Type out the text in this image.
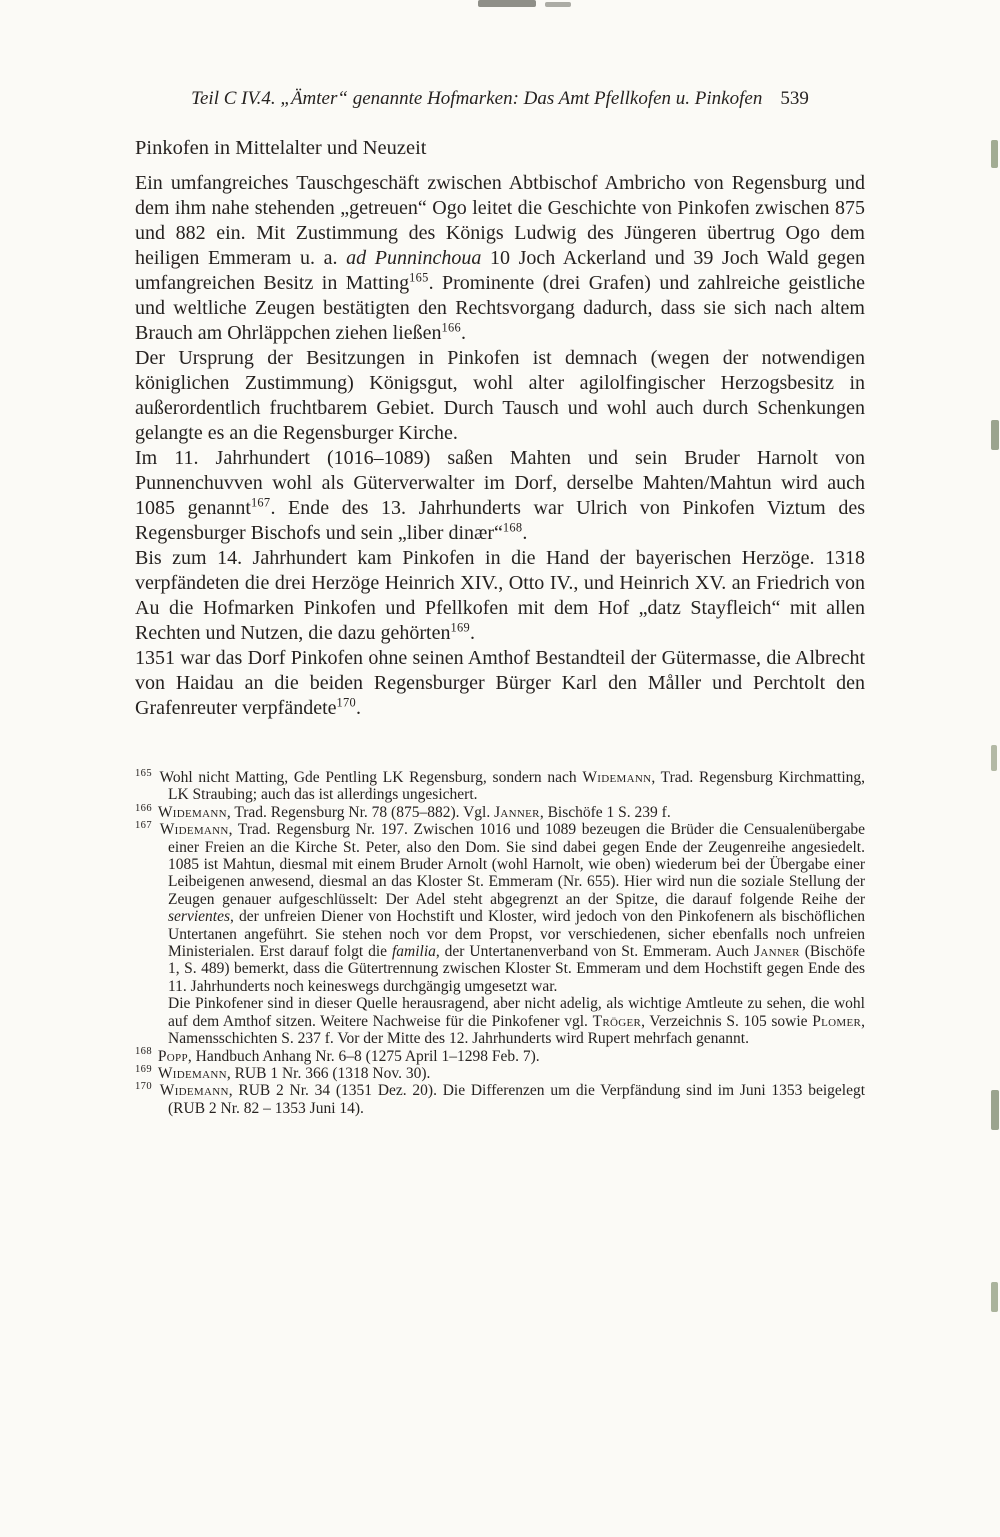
Teil C IV.4. „Ämter“ genannte Hofmarken: Das Amt Pfellkofen u. Pinkofen 539
Pinkofen in Mittelalter und Neuzeit

Ein umfangreiches Tauschgeschäft zwischen Abtbischof Ambricho von Regensburg und dem ihm nahe stehenden „getreuen“ Ogo leitet die Geschichte von Pinkofen zwischen 875 und 882 ein. Mit Zustimmung des Königs Ludwig des Jüngeren übertrug Ogo dem heiligen Emmeram u. a. ad Punninchoua 10 Joch Ackerland und 39 Joch Wald gegen umfangreichen Besitz in Matting$^{165}$. Prominente (drei Grafen) und zahlreiche geistliche und weltliche Zeugen bestätigten den Rechtsvorgang dadurch, dass sie sich nach altem Brauch am Ohrläppchen ziehen ließen$^{166}$.

Der Ursprung der Besitzungen in Pinkofen ist demnach (wegen der notwendigen königlichen Zustimmung) Königsgut, wohl alter agilolfingischer Herzogsbesitz in außerordentlich fruchtbarem Gebiet. Durch Tausch und wohl auch durch Schenkungen gelangte es an die Regensburger Kirche.

Im 11. Jahrhundert (1016–1089) saßen Mahten und sein Bruder Harnolt von Punnenchuvven wohl als Güterverwalter im Dorf, derselbe Mahten/Mahtun wird auch 1085 genannt$^{167}$. Ende des 13. Jahrhunderts war Ulrich von Pinkofen Viztum des Regensburger Bischofs und sein „liber dinær“$^{168}$.

Bis zum 14. Jahrhundert kam Pinkofen in die Hand der bayerischen Herzöge. 1318 verpfändeten die drei Herzöge Heinrich XIV., Otto IV., und Heinrich XV. an Friedrich von Au die Hofmarken Pinkofen und Pfellkofen mit dem Hof „datz Stayfleich“ mit allen Rechten und Nutzen, die dazu gehörten$^{169}$.

1351 war das Dorf Pinkofen ohne seinen Amthof Bestandteil der Gütermasse, die Albrecht von Haidau an die beiden Regensburger Bürger Karl den Måller und Perchtolt den Grafenreuter verpfändete$^{170}$.

$^{165}$ Wohl nicht Matting, Gde Pentling LK Regensburg, sondern nach Widemann, Trad. Regensburg Kirchmatting, LK Straubing; auch das ist allerdings ungesichert.
$^{166}$ Widemann, Trad. Regensburg Nr. 78 (875–882). Vgl. Janner, Bischöfe 1 S. 239 f.
$^{167}$ Widemann, Trad. Regensburg Nr. 197. Zwischen 1016 und 1089 bezeugen die Brüder die Censualenübergabe einer Freien an die Kirche St. Peter, also den Dom. Sie sind dabei gegen Ende der Zeugenreihe angesiedelt. 1085 ist Mahtun, diesmal mit einem Bruder Arnolt (wohl Harnolt, wie oben) wiederum bei der Übergabe einer Leibeigenen anwesend, diesmal an das Kloster St. Emmeram (Nr. 655). Hier wird nun die soziale Stellung der Zeugen genauer aufgeschlüsselt: Der Adel steht abgegrenzt an der Spitze, die darauf folgende Reihe der servientes, der unfreien Diener von Hochstift und Kloster, wird jedoch von den Pinkofenern als bischöflichen Untertanen angeführt. Sie stehen noch vor dem Propst, vor verschiedenen, sicher ebenfalls noch unfreien Ministerialen. Erst darauf folgt die familia, der Untertanenverband von St. Emmeram. Auch Janner (Bischöfe 1, S. 489) bemerkt, dass die Gütertrennung zwischen Kloster St. Emmeram und dem Hochstift gegen Ende des 11. Jahrhunderts noch keineswegs durchgängig umgesetzt war.
Die Pinkofener sind in dieser Quelle herausragend, aber nicht adelig, als wichtige Amtleute zu sehen, die wohl auf dem Amthof sitzen. Weitere Nachweise für die Pinkofener vgl. Tröger, Verzeichnis S. 105 sowie Plomer, Namensschichten S. 237 f. Vor der Mitte des 12. Jahrhunderts wird Rupert mehrfach genannt.
$^{168}$ Popp, Handbuch Anhang Nr. 6–8 (1275 April 1–1298 Feb. 7).
$^{169}$ Widemann, RUB 1 Nr. 366 (1318 Nov. 30).
$^{170}$ Widemann, RUB 2 Nr. 34 (1351 Dez. 20). Die Differenzen um die Verpfändung sind im Juni 1353 beigelegt (RUB 2 Nr. 82 – 1353 Juni 14).
